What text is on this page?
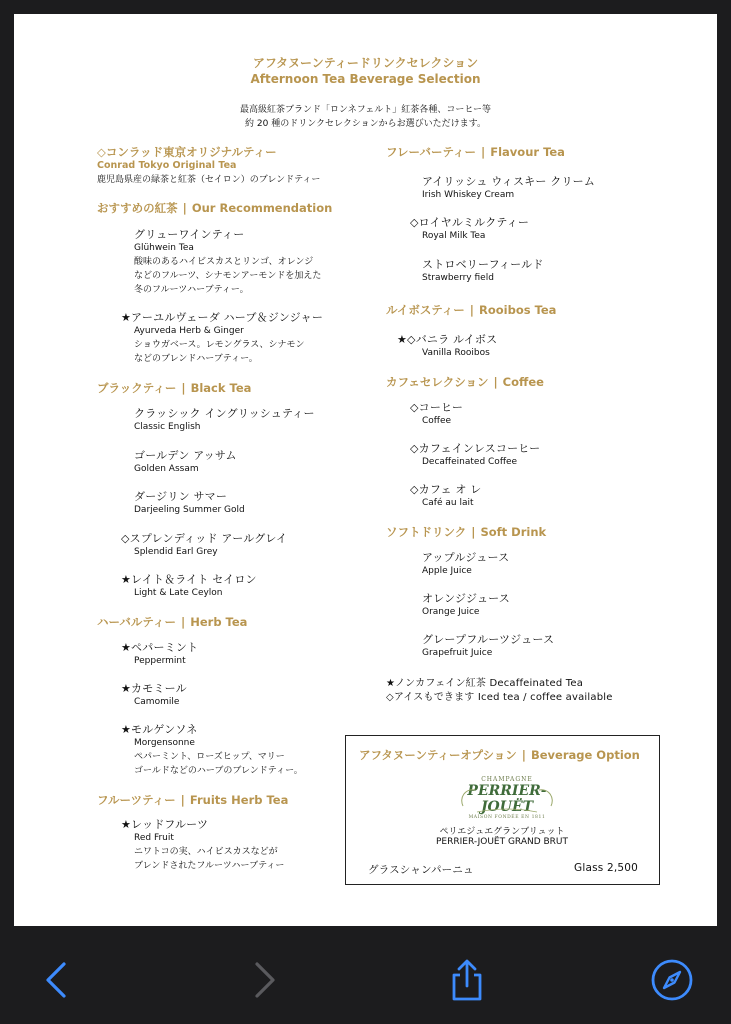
アフタヌーンティードリンクセレクション
Afternoon Tea Beverage Selection
最高級紅茶ブランド「ロンネフェルト」紅茶各種、コーヒー等
約 20 種のドリンクセレクションからお選びいただけます。
◇コンラッド東京オリジナルティー
Conrad Tokyo Original Tea
鹿児島県産の緑茶と紅茶（セイロン）のブレンドティー
おすすめの紅茶 | Our Recommendation
グリューワインティー
Glühwein Tea
酸味のあるハイビスカスとリンゴ、オレンジ
などのフルーツ、シナモンアーモンドを加えた
冬のフルーツハーブティー。
★アーユルヴェーダ ハーブ＆ジンジャー
Ayurveda Herb & Ginger
ショウガベース。レモングラス、シナモン
などのブレンドハーブティー。
ブラックティー | Black Tea
クラッシック イングリッシュティー
Classic English
ゴールデン アッサム
Golden Assam
ダージリン サマー
Darjeeling Summer Gold
◇スプレンディッド アールグレイ
Splendid Earl Grey
★レイト＆ライト セイロン
Light & Late Ceylon
ハーバルティー | Herb Tea
★ペパーミント
Peppermint
★カモミール
Camomile
★モルゲンソネ
Morgensonne
ペパーミント、ローズヒップ、マリー
ゴールドなどのハーブのブレンドティー。
フルーツティー | Fruits Herb Tea
★レッドフルーツ
Red Fruit
ニワトコの実、ハイビスカスなどが
ブレンドされたフルーツハーブティー
フレーバーティー | Flavour Tea
アイリッシュ ウィスキー クリーム
Irish Whiskey Cream
◇ロイヤルミルクティー
Royal Milk Tea
ストロベリーフィールド
Strawberry field
ルイボスティー | Rooibos Tea
★◇バニラ ルイボス
Vanilla Rooibos
カフェセレクション | Coffee
◇コーヒー
Coffee
◇カフェインレスコーヒー
Decaffeinated Coffee
◇カフェ オ レ
Café au lait
ソフトドリンク | Soft Drink
アップルジュース
Apple Juice
オレンジジュース
Orange Juice
グレープフルーツジュース
Grapefruit Juice
★ノンカフェイン紅茶 Decaffeinated Tea
◇アイスもできます Iced tea / coffee available
アフタヌーンティーオプション | Beverage Option
CHAMPAGNE
PERRIER-JOUËT
MAISON FONDÉE EN 1811
ペリエジュエグランブリュット
PERRIER-JOUËT GRAND BRUT
グラスシャンパーニュ	Glass 2,500
